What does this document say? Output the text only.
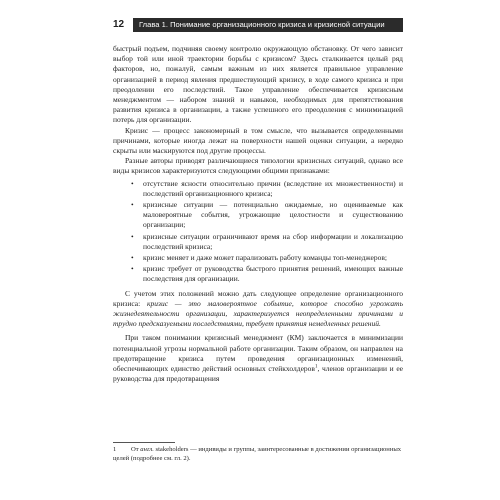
12	Глава 1. Понимание организационного кризиса и кризисной ситуации

быстрый подъем, подчиняя своему контролю окружающую обстановку. От чего зависит выбор той или иной траектории борьбы с кризисом? Здесь сталкивается целый ряд факторов, но, пожалуй, самым важным из них является правильное управление организацией в период явления предшествующий кризису, в ходе самого кризиса и при преодолении его последствий. Такое управление обеспечивается кризисным менеджментом — набором знаний и навыков, необходимых для препятствования развития кризиса в организации, а также успешного его преодоления с минимизацией потерь для организации.

Кризис — процесс закономерный в том смысле, что вызывается определенными причинами, которые иногда лежат на поверхности нашей оценки ситуации, а нередко скрыты или маскируются под другие процессы.

Разные авторы приводят различающиеся типологии кризисных ситуаций, однако все виды кризисов характеризуются следующими общими признаками:

• отсутствие ясности относительно причин (вследствие их множественности) и последствий организационного кризиса;
• кризисные ситуации — потенциально ожидаемые, но оцениваемые как маловероятные события, угрожающие целостности и существованию организации;
• кризисные ситуации ограничивают время на сбор информации и локализацию последствий кризиса;
• кризис меняет и даже может парализовать работу команды топ-менеджеров;
• кризис требует от руководства быстрого принятия решений, имеющих важные последствия для организации.

С учетом этих положений можно дать следующее определение организационного кризиса: кризис — это маловероятное событие, которое способно угрожать жизнедеятельности организации, характеризуется неопределенными причинами и трудно предсказуемыми последствиями, требует принятия немедленных решений.

При таком понимании кризисный менеджмент (КМ) заключается в минимизации потенциальной угрозы нормальной работе организации. Таким образом, он направлен на предотвращение кризиса путем проведения организационных изменений, обеспечивающих единство действий основных стейкхолдеров$^1$, членов организации и ее руководства для предотвращения

1 От англ. stakeholders — индивиды и группы, заинтересованные в достижении организационных целей (подробнее см. гл. 2).
